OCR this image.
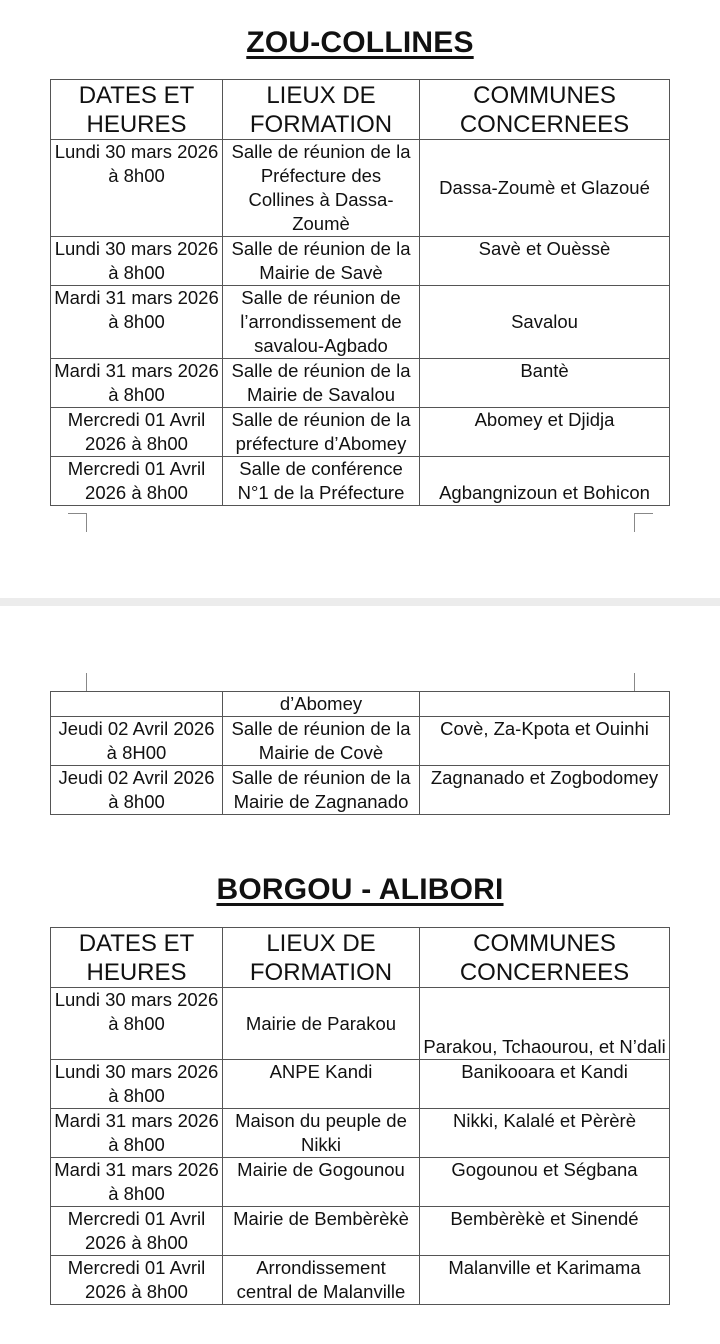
ZOU-COLLINES
DATES ET HEURES	LIEUX DE FORMATION	COMMUNES CONCERNEES
Lundi 30 mars 2026 à 8h00	Salle de réunion de la Préfecture des Collines à Dassa-Zoumè	Dassa-Zoumè et Glazoué
Lundi 30 mars 2026 à 8h00	Salle de réunion de la Mairie de Savè	Savè et Ouèssè
Mardi 31 mars 2026 à 8h00	Salle de réunion de l’arrondissement de savalou-Agbado	Savalou
Mardi 31 mars 2026 à 8h00	Salle de réunion de la Mairie de Savalou	Bantè
Mercredi 01 Avril 2026 à 8h00	Salle de réunion de la préfecture d’Abomey	Abomey et Djidja
Mercredi 01 Avril 2026 à 8h00	Salle de conférence N°1 de la Préfecture	Agbangnizoun et Bohicon
	d’Abomey	
Jeudi 02 Avril 2026 à 8H00	Salle de réunion de la Mairie de Covè	Covè, Za-Kpota et Ouinhi
Jeudi 02 Avril 2026 à 8h00	Salle de réunion de la Mairie de Zagnanado	Zagnanado et Zogbodomey
BORGOU - ALIBORI
DATES ET HEURES	LIEUX DE FORMATION	COMMUNES CONCERNEES
Lundi 30 mars 2026 à 8h00	Mairie de Parakou	Parakou, Tchaourou, et N’dali
Lundi 30 mars 2026 à 8h00	ANPE Kandi	Banikooara et Kandi
Mardi 31 mars 2026 à 8h00	Maison du peuple de Nikki	Nikki, Kalalé et Pèrèrè
Mardi 31 mars 2026 à 8h00	Mairie de Gogounou	Gogounou et Ségbana
Mercredi 01 Avril 2026 à 8h00	Mairie de Bembèrèkè	Bembèrèkè et Sinendé
Mercredi 01 Avril 2026 à 8h00	Arrondissement central de Malanville	Malanville et Karimama
